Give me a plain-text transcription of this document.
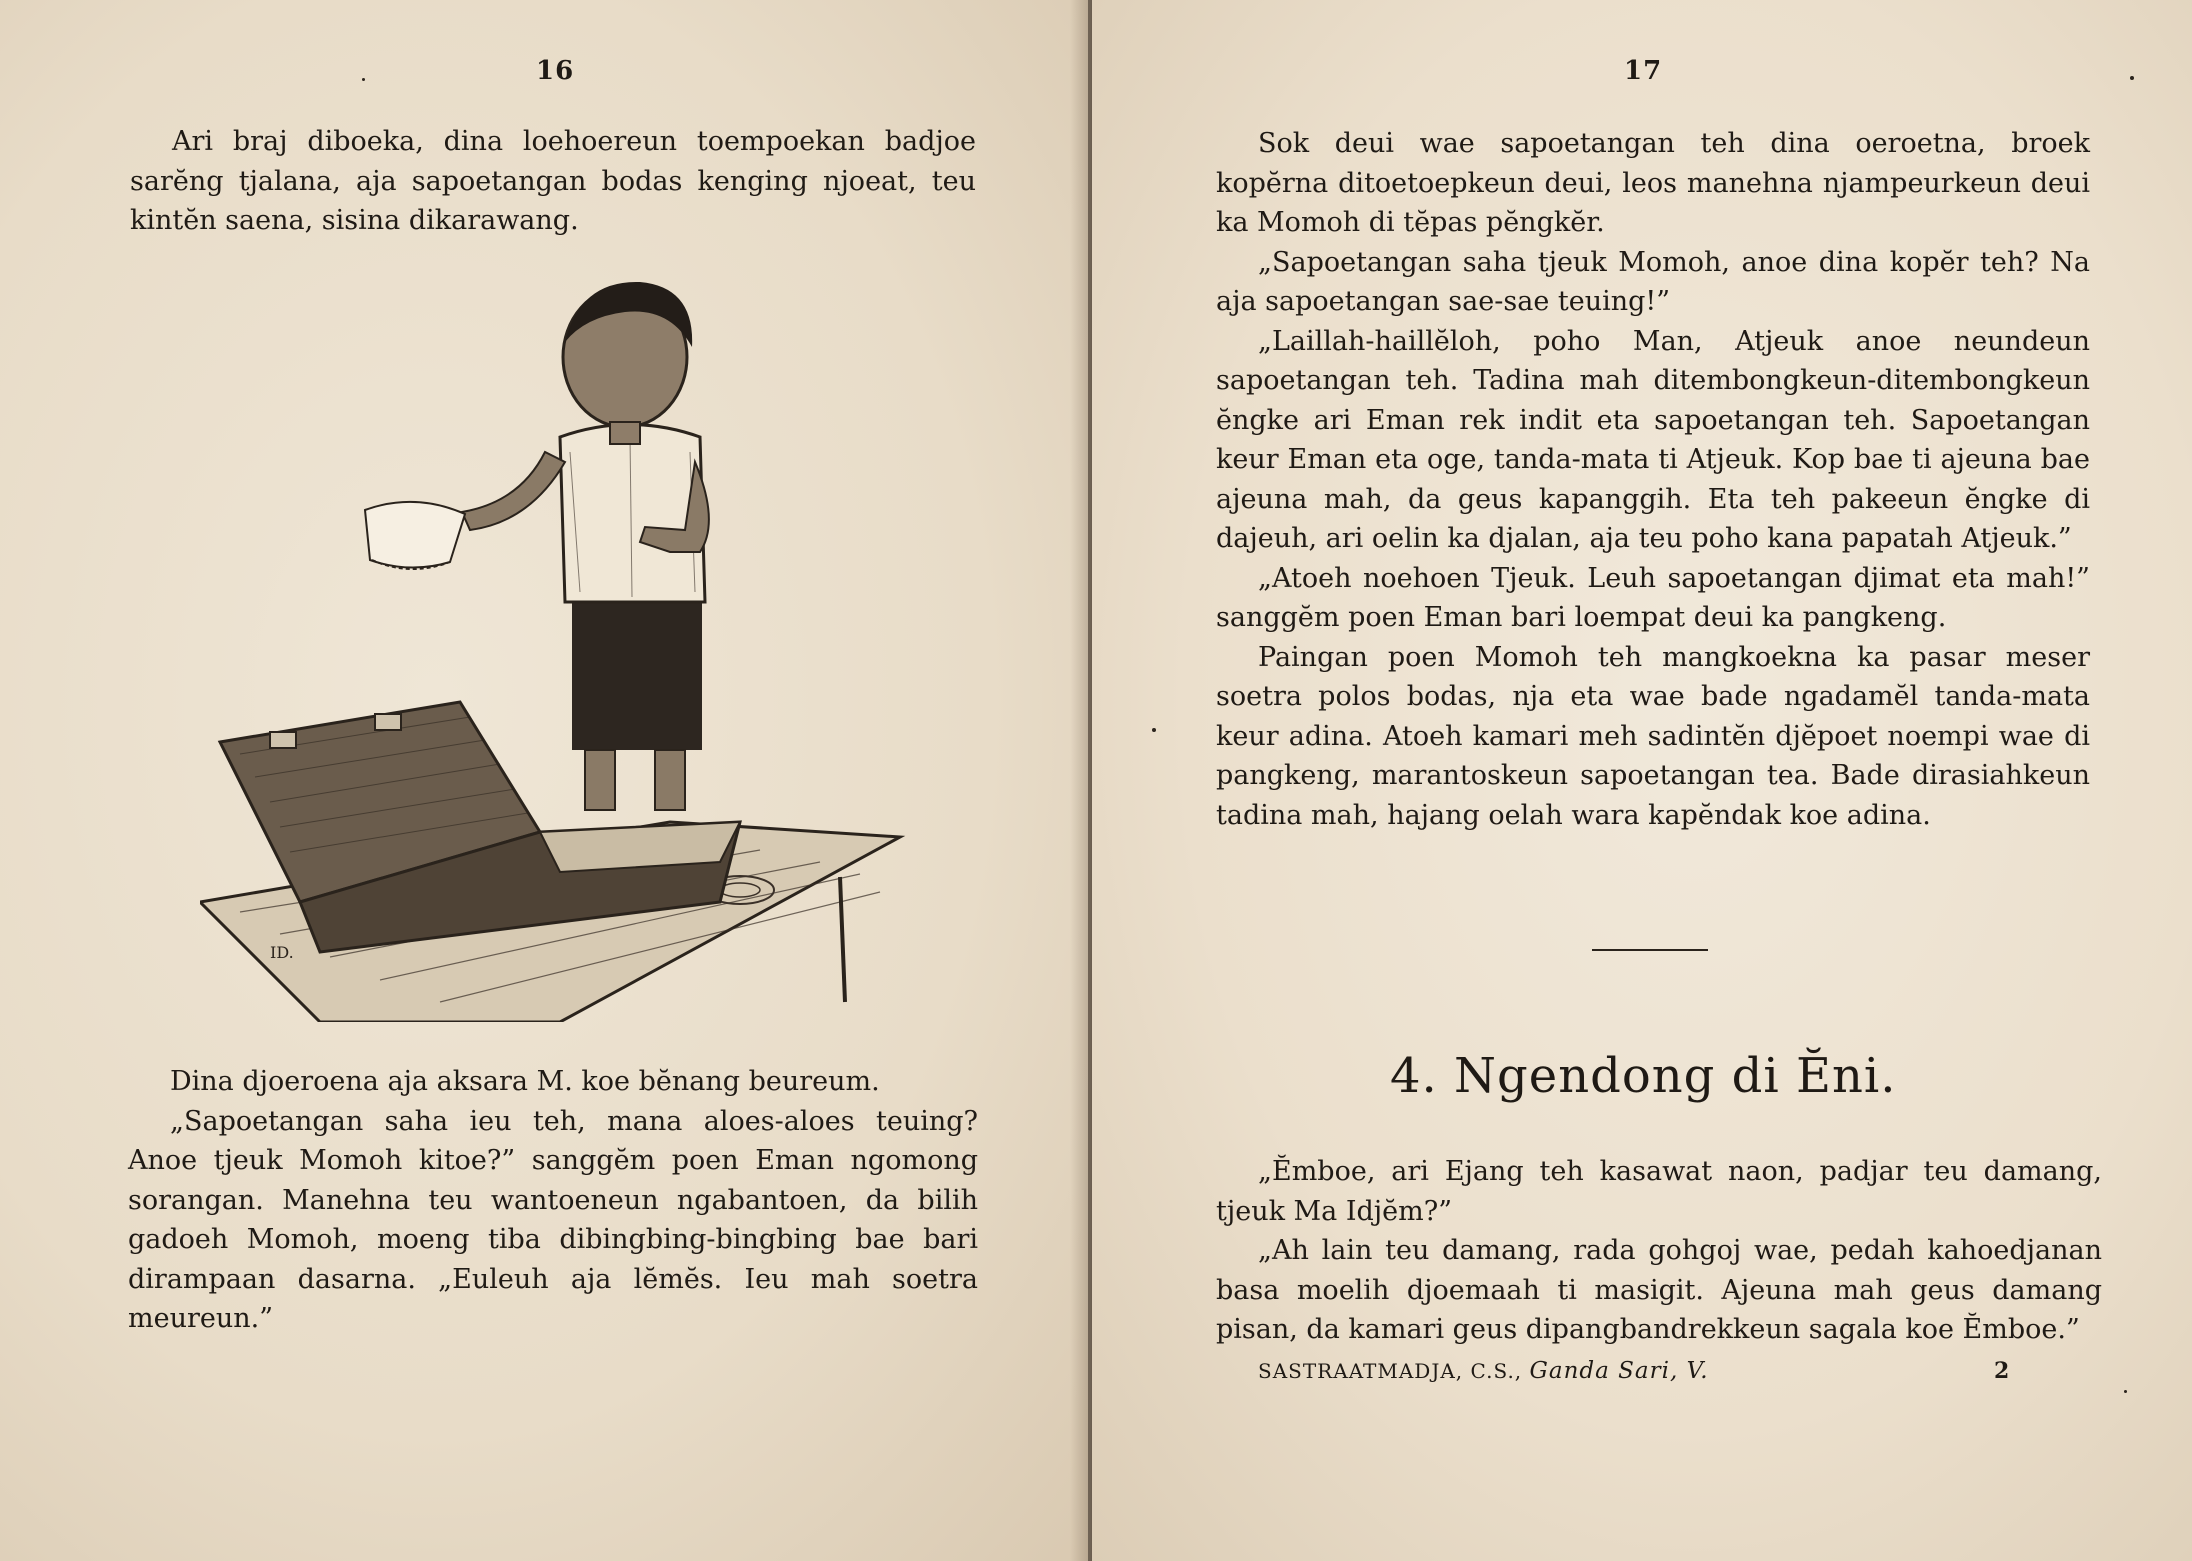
16

Ari braj diboeka, dina loehoereun toempoekan badjoe sarĕng tjalana, aja sapoetangan bodas kenging njoeat, teu kintĕn saena, sisina dikarawang.

ID.

Dina djoeroena aja aksara M. koe bĕnang beureum.

„Sapoetangan saha ieu teh, mana aloes-aloes teuing? Anoe tjeuk Momoh kitoe?” sanggĕm poen Eman ngomong sorangan. Manehna teu wantoeneun ngabantoen, da bilih gadoeh Momoh, moeng tiba dibingbing-bingbing bae bari dirampaan dasarna. „Euleuh aja lĕmĕs. Ieu mah soetra meureun.”

17

Sok deui wae sapoetangan teh dina oeroetna, broek kopĕrna ditoetoepkeun deui, leos manehna njampeurkeun deui ka Momoh di tĕpas pĕngkĕr.

„Sapoetangan saha tjeuk Momoh, anoe dina kopĕr teh? Na aja sapoetangan sae-sae teuing!”

„Laillah-haillĕloh, poho Man, Atjeuk anoe neundeun sapoetangan teh. Tadina mah ditembongkeun-ditembongkeun ĕngke ari Eman rek indit eta sapoetangan teh. Sapoetangan keur Eman eta oge, tanda-mata ti Atjeuk. Kop bae ti ajeuna bae ajeuna mah, da geus kapanggih. Eta teh pakeeun ĕngke di dajeuh, ari oelin ka djalan, aja teu poho kana papatah Atjeuk.”

„Atoeh noehoen Tjeuk. Leuh sapoetangan djimat eta mah!” sanggĕm poen Eman bari loempat deui ka pangkeng.

Paingan poen Momoh teh mangkoekna ka pasar meser soetra polos bodas, nja eta wae bade ngadamĕl tanda-mata keur adina. Atoeh kamari meh sadintĕn djĕpoet noempi wae di pangkeng, marantoskeun sapoetangan tea. Bade dirasiahkeun tadina mah, hajang oelah wara kapĕndak koe adina.

4. Ngendong di Ĕni.

„Ĕmboe, ari Ejang teh kasawat naon, padjar teu damang, tjeuk Ma Idjĕm?”

„Ah lain teu damang, rada gohgoj wae, pedah kahoedjanan basa moelih djoemaah ti masigit. Ajeuna mah geus damang pisan, da kamari geus dipangbandrekkeun sagala koe Ĕmboe.”

SASTRAATMADJA, C.S., Ganda Sari, V.	2
